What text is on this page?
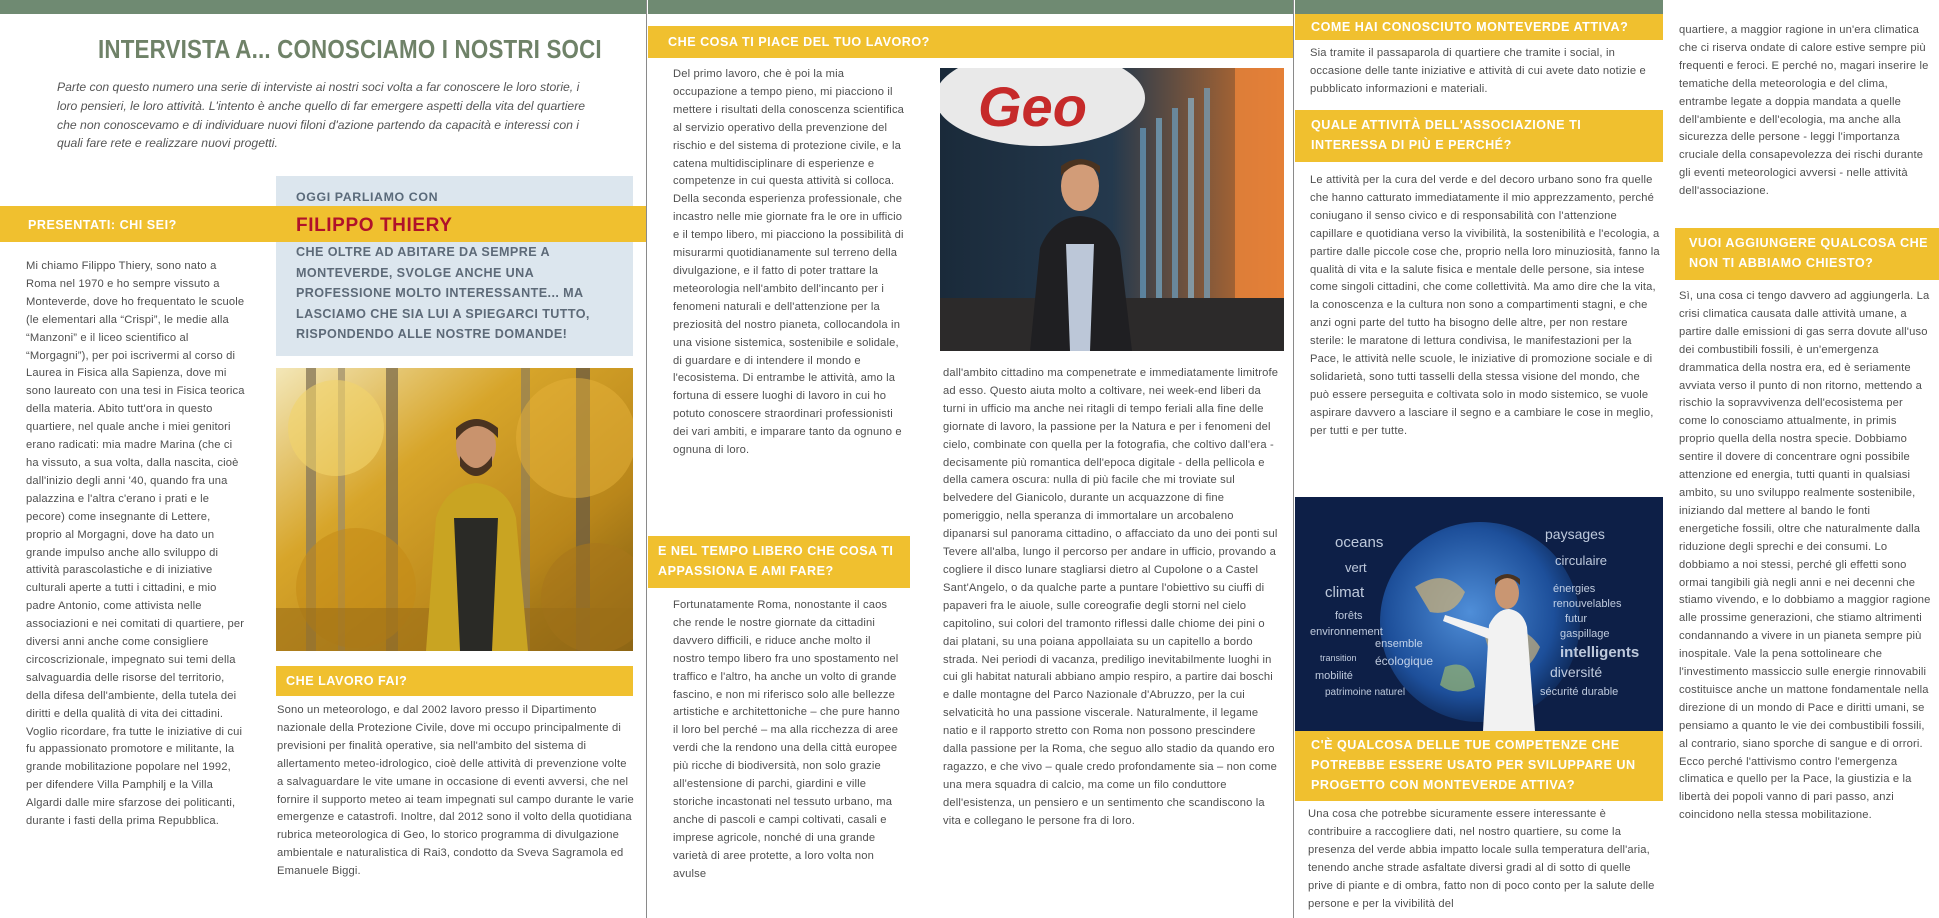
INTERVISTA A... CONOSCIAMO I NOSTRI SOCI
Parte con questo numero una serie di interviste ai nostri soci volta a far conoscere le loro storie, i loro pensieri, le loro attività. L'intento è anche quello di far emergere aspetti della vita del quartiere che non conoscevamo e di individuare nuovi filoni d'azione partendo da capacità e interessi con i quali fare rete e realizzare nuovi progetti.
OGGI PARLIAMO CON
CHE OLTRE AD ABITARE DA SEMPRE A MONTEVERDE, SVOLGE ANCHE UNA PROFESSIONE MOLTO INTERESSANTE... MA LASCIAMO CHE SIA LUI A SPIEGARCI TUTTO, RISPONDENDO ALLE NOSTRE DOMANDE!
PRESENTATI: CHI SEI?	FILIPPO THIERY
Mi chiamo Filippo Thiery, sono nato a Roma nel 1970 e ho sempre vissuto a Monteverde, dove ho frequentato le scuole (le elementari alla “Crispi”, le medie alla “Manzoni” e il liceo scientifico al “Morgagni”), per poi iscrivermi al corso di Laurea in Fisica alla Sapienza, dove mi sono laureato con una tesi in Fisica teorica della materia. Abito tutt'ora in questo quartiere, nel quale anche i miei genitori erano radicati: mia madre Marina (che ci ha vissuto, a sua volta, dalla nascita, cioè dall'inizio degli anni '40, quando fra una palazzina e l'altra c'erano i prati e le pecore) come insegnante di Lettere, proprio al Morgagni, dove ha dato un grande impulso anche allo sviluppo di attività parascolastiche e di iniziative culturali aperte a tutti i cittadini, e mio padre Antonio, come attivista nelle associazioni e nei comitati di quartiere, per diversi anni anche come consigliere circoscrizionale, impegnato sui temi della salvaguardia delle risorse del territorio, della difesa dell'ambiente, della tutela dei diritti e della qualità di vita dei cittadini. Voglio ricordare, fra tutte le iniziative di cui fu appassionato promotore e militante, la grande mobilitazione popolare nel 1992, per difendere Villa Pamphilj e la Villa Algardi dalle mire sfarzose dei politicanti, durante i fasti della prima Repubblica.
CHE LAVORO FAI?
Sono un meteorologo, e dal 2002 lavoro presso il Dipartimento nazionale della Protezione Civile, dove mi occupo principalmente di previsioni per finalità operative, sia nell'ambito del sistema di allertamento meteo-idrologico, cioè delle attività di prevenzione volte a salvaguardare le vite umane in occasione di eventi avversi, che nel fornire il supporto meteo ai team impegnati sul campo durante le varie emergenze e catastrofi. Inoltre, dal 2012 sono il volto della quotidiana rubrica meteorologica di Geo, lo storico programma di divulgazione ambientale e naturalistica di Rai3, condotto da Sveva Sagramola ed Emanuele Biggi.
CHE COSA TI PIACE DEL TUO LAVORO?
Del primo lavoro, che è poi la mia occupazione a tempo pieno, mi piacciono il mettere i risultati della conoscenza scientifica al servizio operativo della prevenzione del rischio e del sistema di protezione civile, e la catena multidisciplinare di esperienze e competenze in cui questa attività si colloca. Della seconda esperienza professionale, che incastro nelle mie giornate fra le ore in ufficio e il tempo libero, mi piacciono la possibilità di misurarmi quotidianamente sul terreno della divulgazione, e il fatto di poter trattare la meteorologia nell'ambito dell'incanto per i fenomeni naturali e dell'attenzione per la preziosità del nostro pianeta, collocandola in una visione sistemica, sostenibile e solidale, di guardare e di intendere il mondo e l'ecosistema. Di entrambe le attività, amo la fortuna di essere luoghi di lavoro in cui ho potuto conoscere straordinari professionisti dei vari ambiti, e imparare tanto da ognuno e ognuna di loro.
Geo
E NEL TEMPO LIBERO CHE COSA TI APPASSIONA E AMI FARE?
Fortunatamente Roma, nonostante il caos che rende le nostre giornate da cittadini davvero difficili, e riduce anche molto il nostro tempo libero fra uno spostamento nel traffico e l'altro, ha anche un volto di grande fascino, e non mi riferisco solo alle bellezze artistiche e architettoniche – che pure hanno il loro bel perché – ma alla ricchezza di aree verdi che la rendono una della città europee più ricche di biodiversità, non solo grazie all'estensione di parchi, giardini e ville storiche incastonati nel tessuto urbano, ma anche di pascoli e campi coltivati, casali e imprese agricole, nonché di una grande varietà di aree protette, a loro volta non avulse
dall'ambito cittadino ma compenetrate e immediatamente limitrofe ad esso. Questo aiuta molto a coltivare, nei week-end liberi da turni in ufficio ma anche nei ritagli di tempo feriali alla fine delle giornate di lavoro, la passione per la Natura e per i fenomeni del cielo, combinate con quella per la fotografia, che coltivo dall'era - decisamente più romantica dell'epoca digitale - della pellicola e della camera oscura: nulla di più facile che mi troviate sul belvedere del Gianicolo, durante un acquazzone di fine pomeriggio, nella speranza di immortalare un arcobaleno dipanarsi sul panorama cittadino, o affacciato da uno dei ponti sul Tevere all'alba, lungo il percorso per andare in ufficio, provando a cogliere il disco lunare stagliarsi dietro al Cupolone o a Castel Sant'Angelo, o da qualche parte a puntare l'obiettivo su ciuffi di papaveri fra le aiuole, sulle coreografie degli storni nel cielo capitolino, sui colori del tramonto riflessi dalle chiome dei pini o dai platani, su una poiana appollaiata su un capitello a bordo strada. Nei periodi di vacanza, prediligo inevitabilmente luoghi in cui gli habitat naturali abbiano ampio respiro, a partire dai boschi e dalle montagne del Parco Nazionale d'Abruzzo, per la cui selvaticità ho una passione viscerale. Naturalmente, il legame natio e il rapporto stretto con Roma non possono prescindere dalla passione per la Roma, che seguo allo stadio da quando ero ragazzo, e che vivo – quale credo profondamente sia – non come una mera squadra di calcio, ma come un filo conduttore dell'esistenza, un pensiero e un sentimento che scandiscono la vita e collegano le persone fra di loro.
COME HAI CONOSCIUTO MONTEVERDE ATTIVA?
Sia tramite il passaparola di quartiere che tramite i social, in occasione delle tante iniziative e attività di cui avete dato notizie e pubblicato informazioni e materiali.
QUALE ATTIVITÀ DELL'ASSOCIAZIONE TI INTERESSA DI PIÙ E PERCHÉ?
Le attività per la cura del verde e del decoro urbano sono fra quelle che hanno catturato immediatamente il mio apprezzamento, perché coniugano il senso civico e di responsabilità con l'attenzione capillare e quotidiana verso la vivibilità, la sostenibilità e l'ecologia, a partire dalle piccole cose che, proprio nella loro minuziosità, fanno la qualità di vita e la salute fisica e mentale delle persone, sia intese come singoli cittadini, che come collettività. Ma amo dire che la vita, la conoscenza e la cultura non sono a compartimenti stagni, e che anzi ogni parte del tutto ha bisogno delle altre, per non restare sterile: le maratone di lettura condivisa, le manifestazioni per la Pace, le attività nelle scuole, le iniziative di promozione sociale e di solidarietà, sono tutti tasselli della stessa visione del mondo, che può essere perseguita e coltivata solo in modo sistemico, se vuole aspirare davvero a lasciare il segno e a cambiare le cose in meglio, per tutti e per tutte.
oceans	paysages
vert	circulaire
climat	énergies
renouvelables
forêts
environnement
ensemble
futur
gaspillage
intelligents
transition écologique
diversité
patrimoine naturel
mobilité
sécurité durable
C'È QUALCOSA DELLE TUE COMPETENZE CHE POTREBBE ESSERE USATO PER SVILUPPARE UN PROGETTO CON MONTEVERDE ATTIVA?
Una cosa che potrebbe sicuramente essere interessante è contribuire a raccogliere dati, nel nostro quartiere, su come la presenza del verde abbia impatto locale sulla temperatura dell'aria, tenendo anche strade asfaltate diversi gradi al di sotto di quelle prive di piante e di ombra, fatto non di poco conto per la salute delle persone e per la vivibilità del
quartiere, a maggior ragione in un'era climatica che ci riserva ondate di calore estive sempre più frequenti e feroci. E perché no, magari inserire le tematiche della meteorologia e del clima, entrambe legate a doppia mandata a quelle dell'ambiente e dell'ecologia, ma anche alla sicurezza delle persone - leggi l'importanza cruciale della consapevolezza dei rischi durante gli eventi meteorologici avversi - nelle attività dell'associazione.
VUOI AGGIUNGERE QUALCOSA CHE NON TI ABBIAMO CHIESTO?
Sì, una cosa ci tengo davvero ad aggiungerla. La crisi climatica causata dalle attività umane, a partire dalle emissioni di gas serra dovute all'uso dei combustibili fossili, è un'emergenza drammatica della nostra era, ed è seriamente avviata verso il punto di non ritorno, mettendo a rischio la sopravvivenza dell'ecosistema per come lo conosciamo attualmente, in primis proprio quella della nostra specie. Dobbiamo sentire il dovere di concentrare ogni possibile attenzione ed energia, tutti quanti in qualsiasi ambito, su uno sviluppo realmente sostenibile, iniziando dal mettere al bando le fonti energetiche fossili, oltre che naturalmente dalla riduzione degli sprechi e dei consumi. Lo dobbiamo a noi stessi, perché gli effetti sono ormai tangibili già negli anni e nei decenni che stiamo vivendo, e lo dobbiamo a maggior ragione alle prossime generazioni, che stiamo altrimenti condannando a vivere in un pianeta sempre più inospitale. Vale la pena sottolineare che l'investimento massiccio sulle energie rinnovabili costituisce anche un mattone fondamentale nella direzione di un mondo di Pace e diritti umani, se pensiamo a quanto le vie dei combustibili fossili, al contrario, siano sporche di sangue e di orrori. Ecco perché l'attivismo contro l'emergenza climatica e quello per la Pace, la giustizia e la libertà dei popoli vanno di pari passo, anzi coincidono nella stessa mobilitazione.
